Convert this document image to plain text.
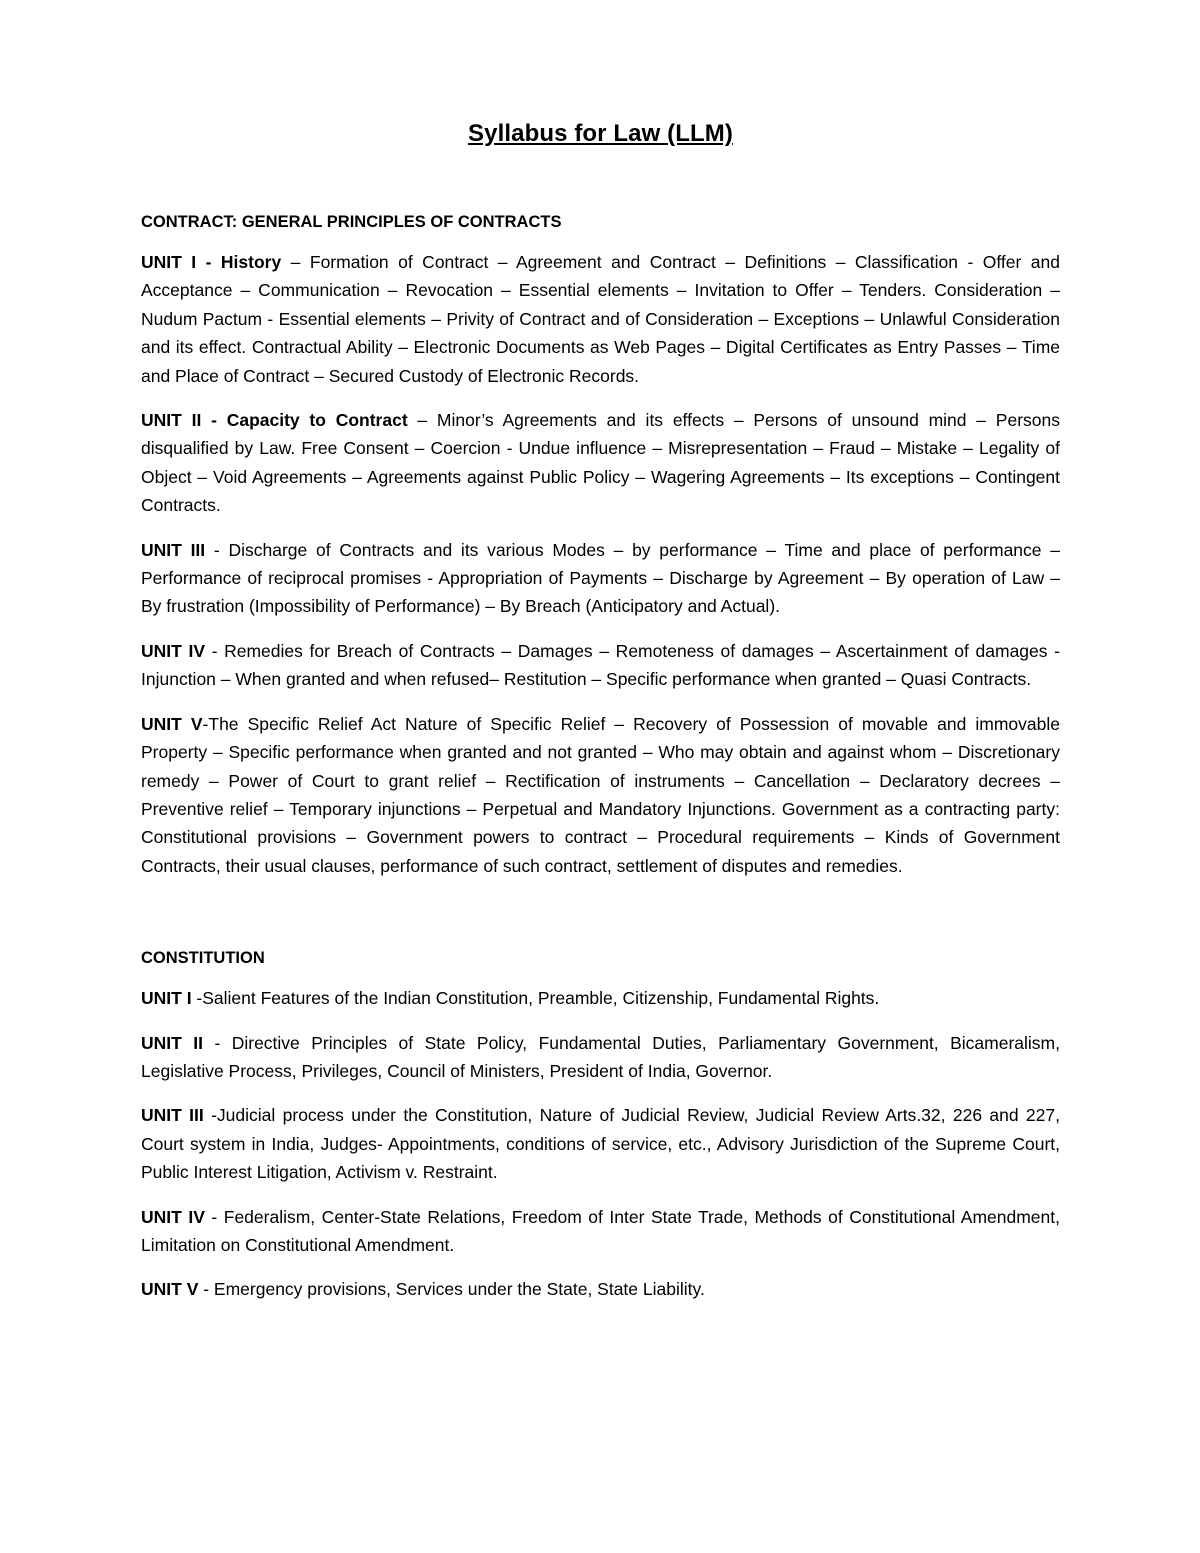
Syllabus for Law (LLM)
CONTRACT: GENERAL PRINCIPLES OF CONTRACTS

UNIT I - History – Formation of Contract – Agreement and Contract – Definitions – Classification - Offer and Acceptance – Communication – Revocation – Essential elements – Invitation to Offer – Tenders. Consideration – Nudum Pactum - Essential elements – Privity of Contract and of Consideration – Exceptions – Unlawful Consideration and its effect. Contractual Ability – Electronic Documents as Web Pages – Digital Certificates as Entry Passes – Time and Place of Contract – Secured Custody of Electronic Records.

UNIT II - Capacity to Contract – Minor’s Agreements and its effects – Persons of unsound mind – Persons disqualified by Law. Free Consent – Coercion - Undue influence – Misrepresentation – Fraud – Mistake – Legality of Object – Void Agreements – Agreements against Public Policy – Wagering Agreements – Its exceptions – Contingent Contracts.

UNIT III - Discharge of Contracts and its various Modes – by performance – Time and place of performance – Performance of reciprocal promises - Appropriation of Payments – Discharge by Agreement – By operation of Law – By frustration (Impossibility of Performance) – By Breach (Anticipatory and Actual).

UNIT IV - Remedies for Breach of Contracts – Damages – Remoteness of damages – Ascertainment of damages -Injunction – When granted and when refused– Restitution – Specific performance when granted – Quasi Contracts.

UNIT V-The Specific Relief Act Nature of Specific Relief – Recovery of Possession of movable and immovable Property – Specific performance when granted and not granted – Who may obtain and against whom – Discretionary remedy – Power of Court to grant relief – Rectification of instruments – Cancellation – Declaratory decrees – Preventive relief – Temporary injunctions – Perpetual and Mandatory Injunctions. Government as a contracting party: Constitutional provisions – Government powers to contract – Procedural requirements – Kinds of Government Contracts, their usual clauses, performance of such contract, settlement of disputes and remedies.

CONSTITUTION

UNIT I -Salient Features of the Indian Constitution, Preamble, Citizenship, Fundamental Rights.

UNIT II - Directive Principles of State Policy, Fundamental Duties, Parliamentary Government, Bicameralism, Legislative Process, Privileges, Council of Ministers, President of India, Governor.

UNIT III -Judicial process under the Constitution, Nature of Judicial Review, Judicial Review Arts.32, 226 and 227, Court system in India, Judges- Appointments, conditions of service, etc., Advisory Jurisdiction of the Supreme Court, Public Interest Litigation, Activism v. Restraint.

UNIT IV - Federalism, Center-State Relations, Freedom of Inter State Trade, Methods of Constitutional Amendment, Limitation on Constitutional Amendment.

UNIT V - Emergency provisions, Services under the State, State Liability.
